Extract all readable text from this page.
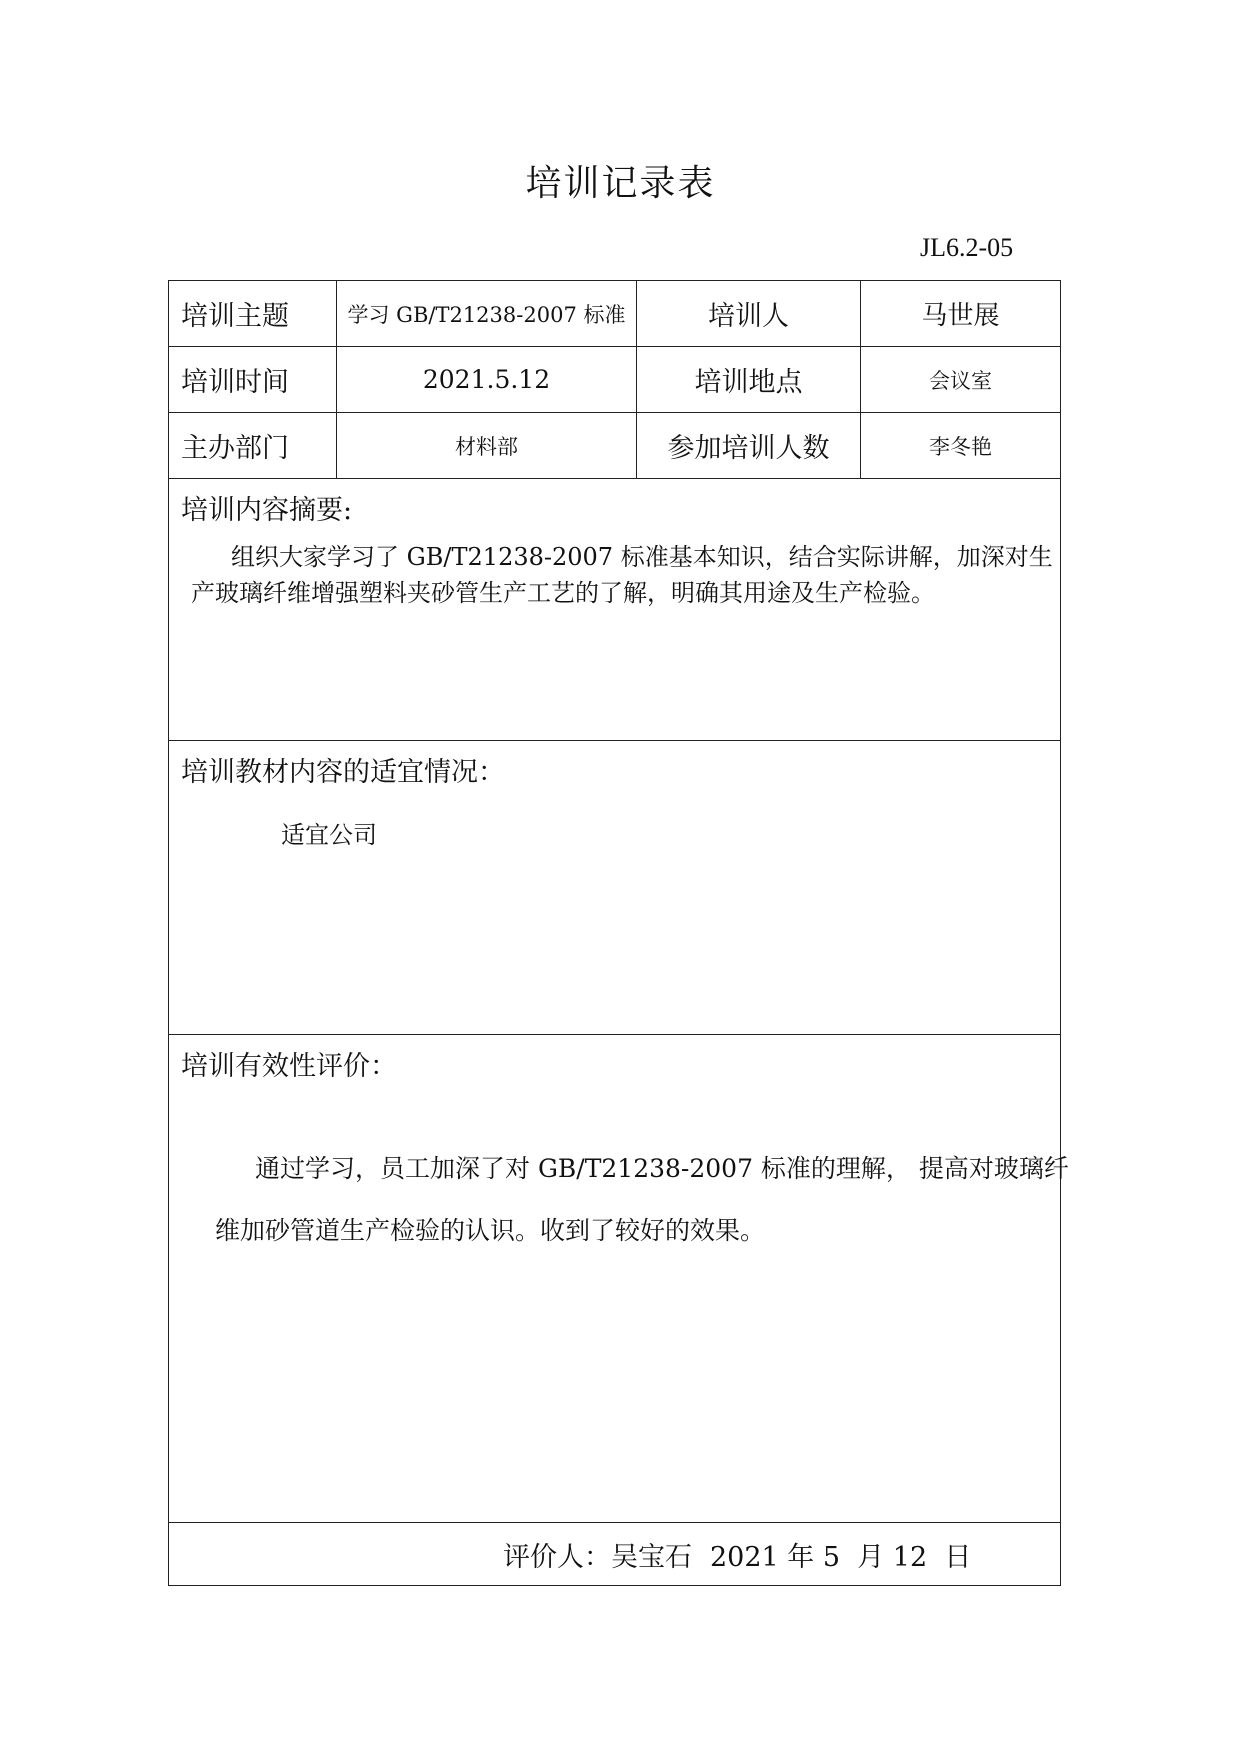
培训记录表
JL6.2-05
培训主题	学习 GB/T21238-2007 标准	培训人	马世展
培训时间	2021.5.12	培训地点	会议室
主办部门	材料部	参加培训人数	李冬艳
培训内容摘要:
组织大家学习了 GB/T21238-2007 标准基本知识，结合实际讲解，加深对生
产玻璃纤维增强塑料夹砂管生产工艺的了解，明确其用途及生产检验。
培训教材内容的适宜情况：
适宜公司
培训有效性评价：
通过学习，员工加深了对 GB/T21238-2007 标准的理解， 提高对玻璃纤
维加砂管道生产检验的认识。收到了较好的效果。
评价人： 吴宝石 2021 年 5  月 12  日
